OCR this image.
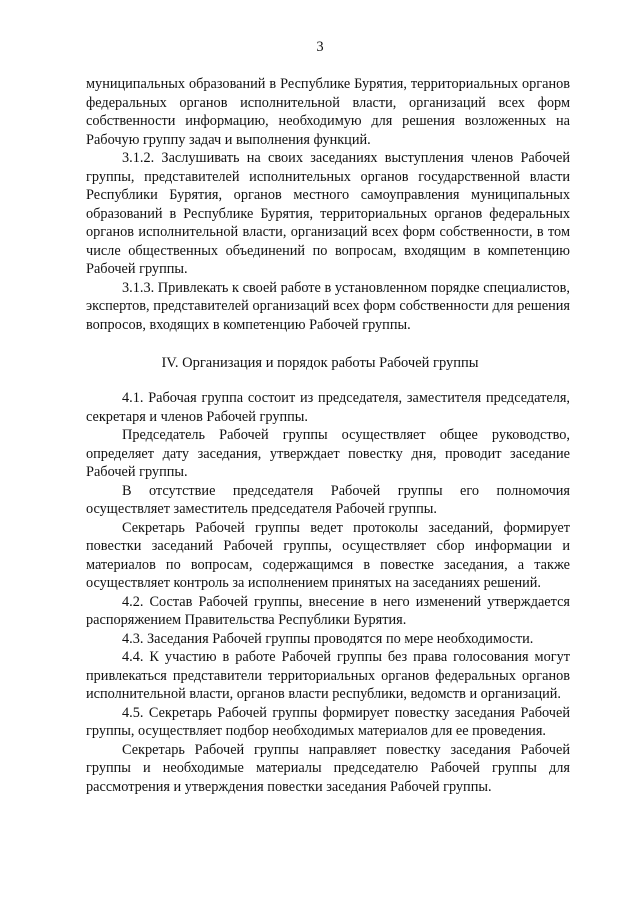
3

муниципальных образований в Республике Бурятия, территориальных органов федеральных органов исполнительной власти, организаций всех форм собственности информацию, необходимую для решения возложенных на Рабочую группу задач и выполнения функций.

3.1.2. Заслушивать на своих заседаниях выступления членов Рабочей группы, представителей исполнительных органов государственной власти Республики Бурятия, органов местного самоуправления муниципальных образований в Республике Бурятия, территориальных органов федеральных органов исполнительной власти, организаций всех форм собственности, в том числе общественных объединений по вопросам, входящим в компетенцию Рабочей группы.

3.1.3. Привлекать к своей работе в установленном порядке специалистов, экспертов, представителей организаций всех форм собственности для решения вопросов, входящих в компетенцию Рабочей группы.

IV. Организация и порядок работы Рабочей группы

4.1. Рабочая группа состоит из председателя, заместителя председателя, секретаря и членов Рабочей группы.

Председатель Рабочей группы осуществляет общее руководство, определяет дату заседания, утверждает повестку дня, проводит заседание Рабочей группы.

В отсутствие председателя Рабочей группы его полномочия осуществляет заместитель председателя Рабочей группы.

Секретарь Рабочей группы ведет протоколы заседаний, формирует повестки заседаний Рабочей группы, осуществляет сбор информации и материалов по вопросам, содержащимся в повестке заседания, а также осуществляет контроль за исполнением принятых на заседаниях решений.

4.2. Состав Рабочей группы, внесение в него изменений утверждается распоряжением Правительства Республики Бурятия.

4.3. Заседания Рабочей группы проводятся по мере необходимости.

4.4. К участию в работе Рабочей группы без права голосования могут привлекаться представители территориальных органов федеральных органов исполнительной власти, органов власти республики, ведомств и организаций.

4.5. Секретарь Рабочей группы формирует повестку заседания Рабочей группы, осуществляет подбор необходимых материалов для ее проведения.

Секретарь Рабочей группы направляет повестку заседания Рабочей группы и необходимые материалы председателю Рабочей группы для рассмотрения и утверждения повестки заседания Рабочей группы.
